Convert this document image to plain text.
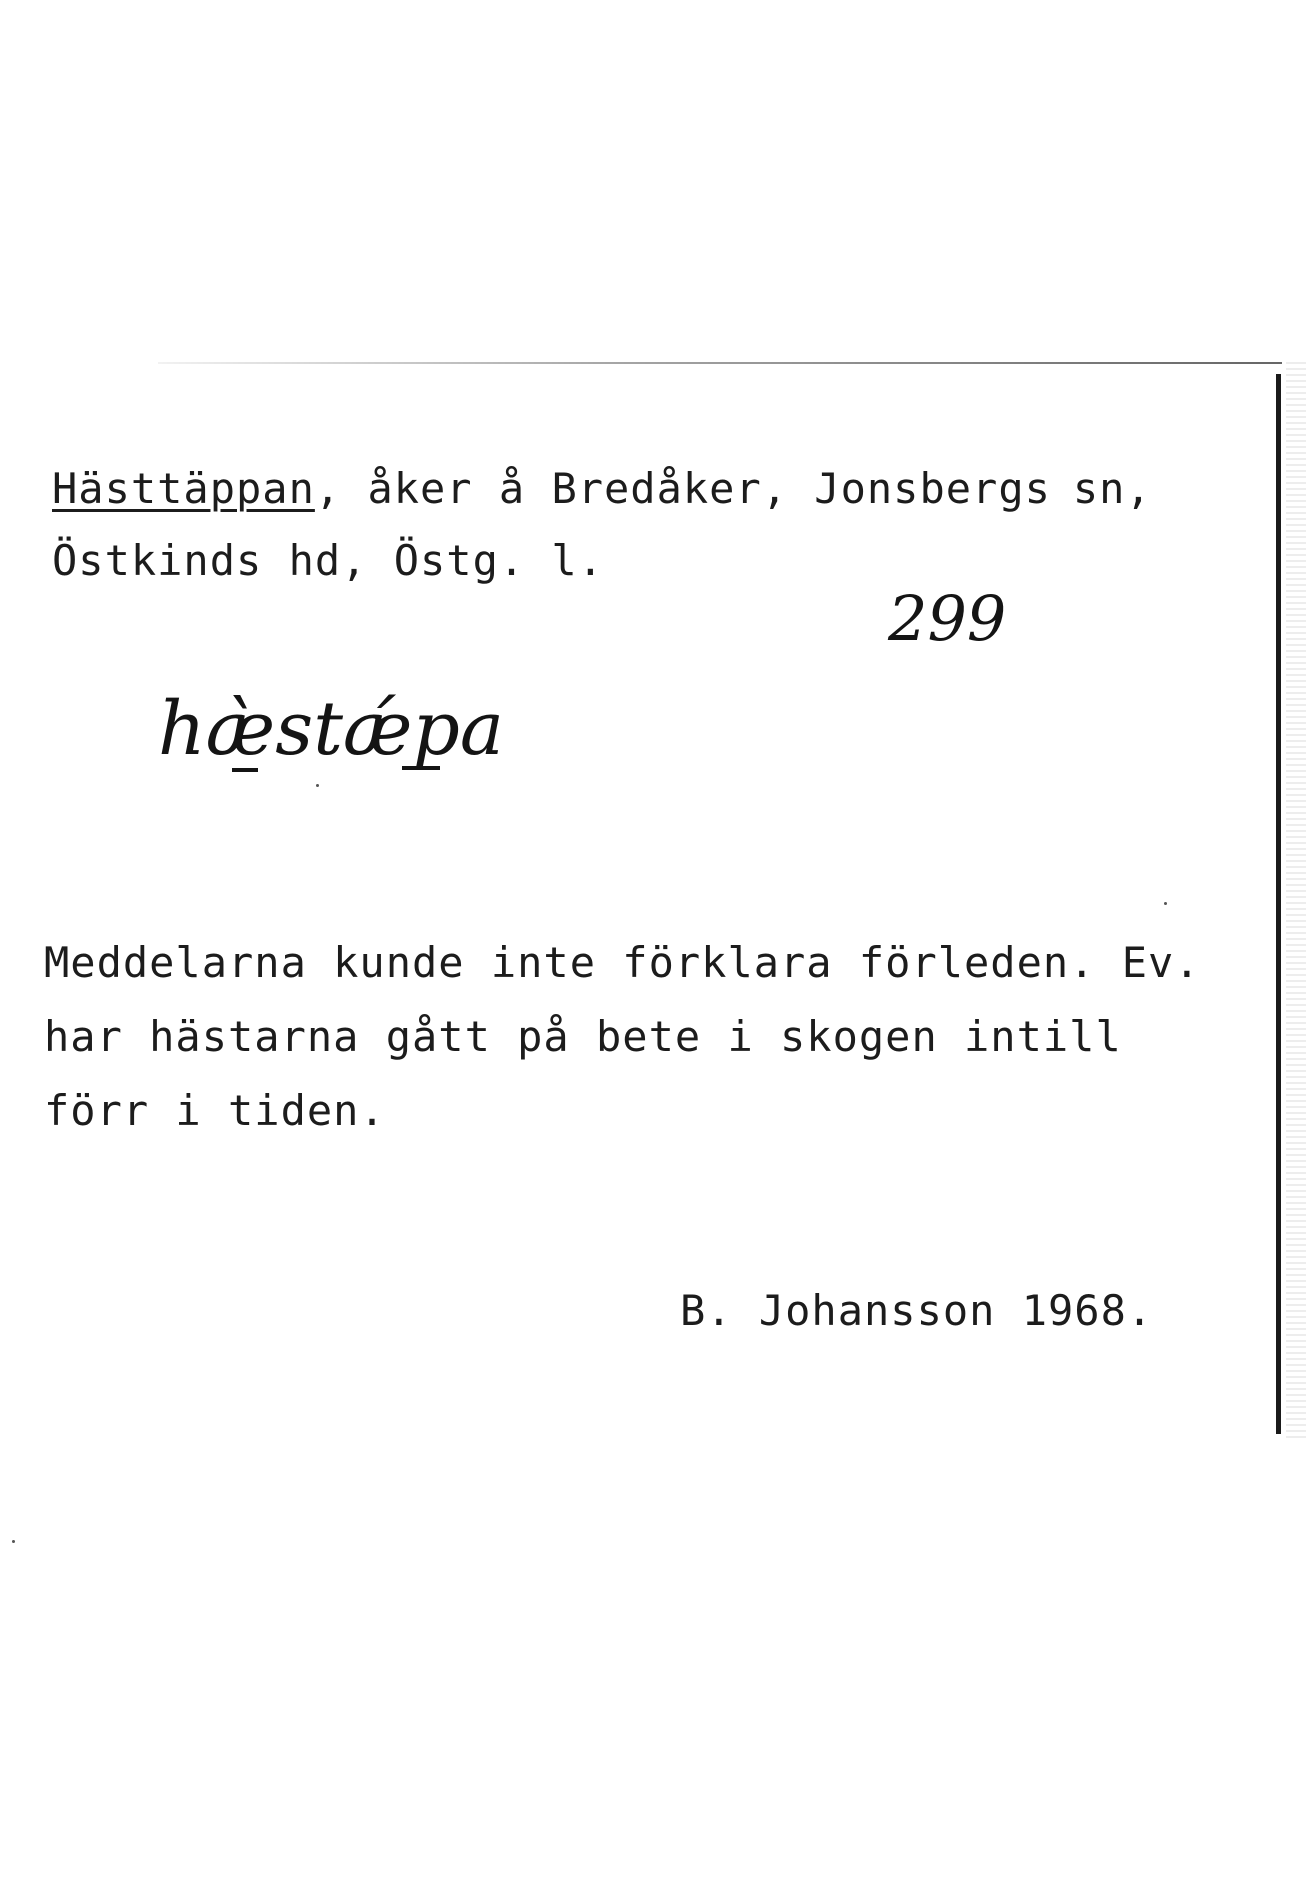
Hästtäppan, åker å Bredåker, Jonsbergs sn,
Östkinds hd, Östg. l.
299
hæ̀stǽpa
Meddelarna kunde inte förklara förleden. Ev.
har hästarna gått på bete i skogen intill
förr i tiden.
B. Johansson 1968.
